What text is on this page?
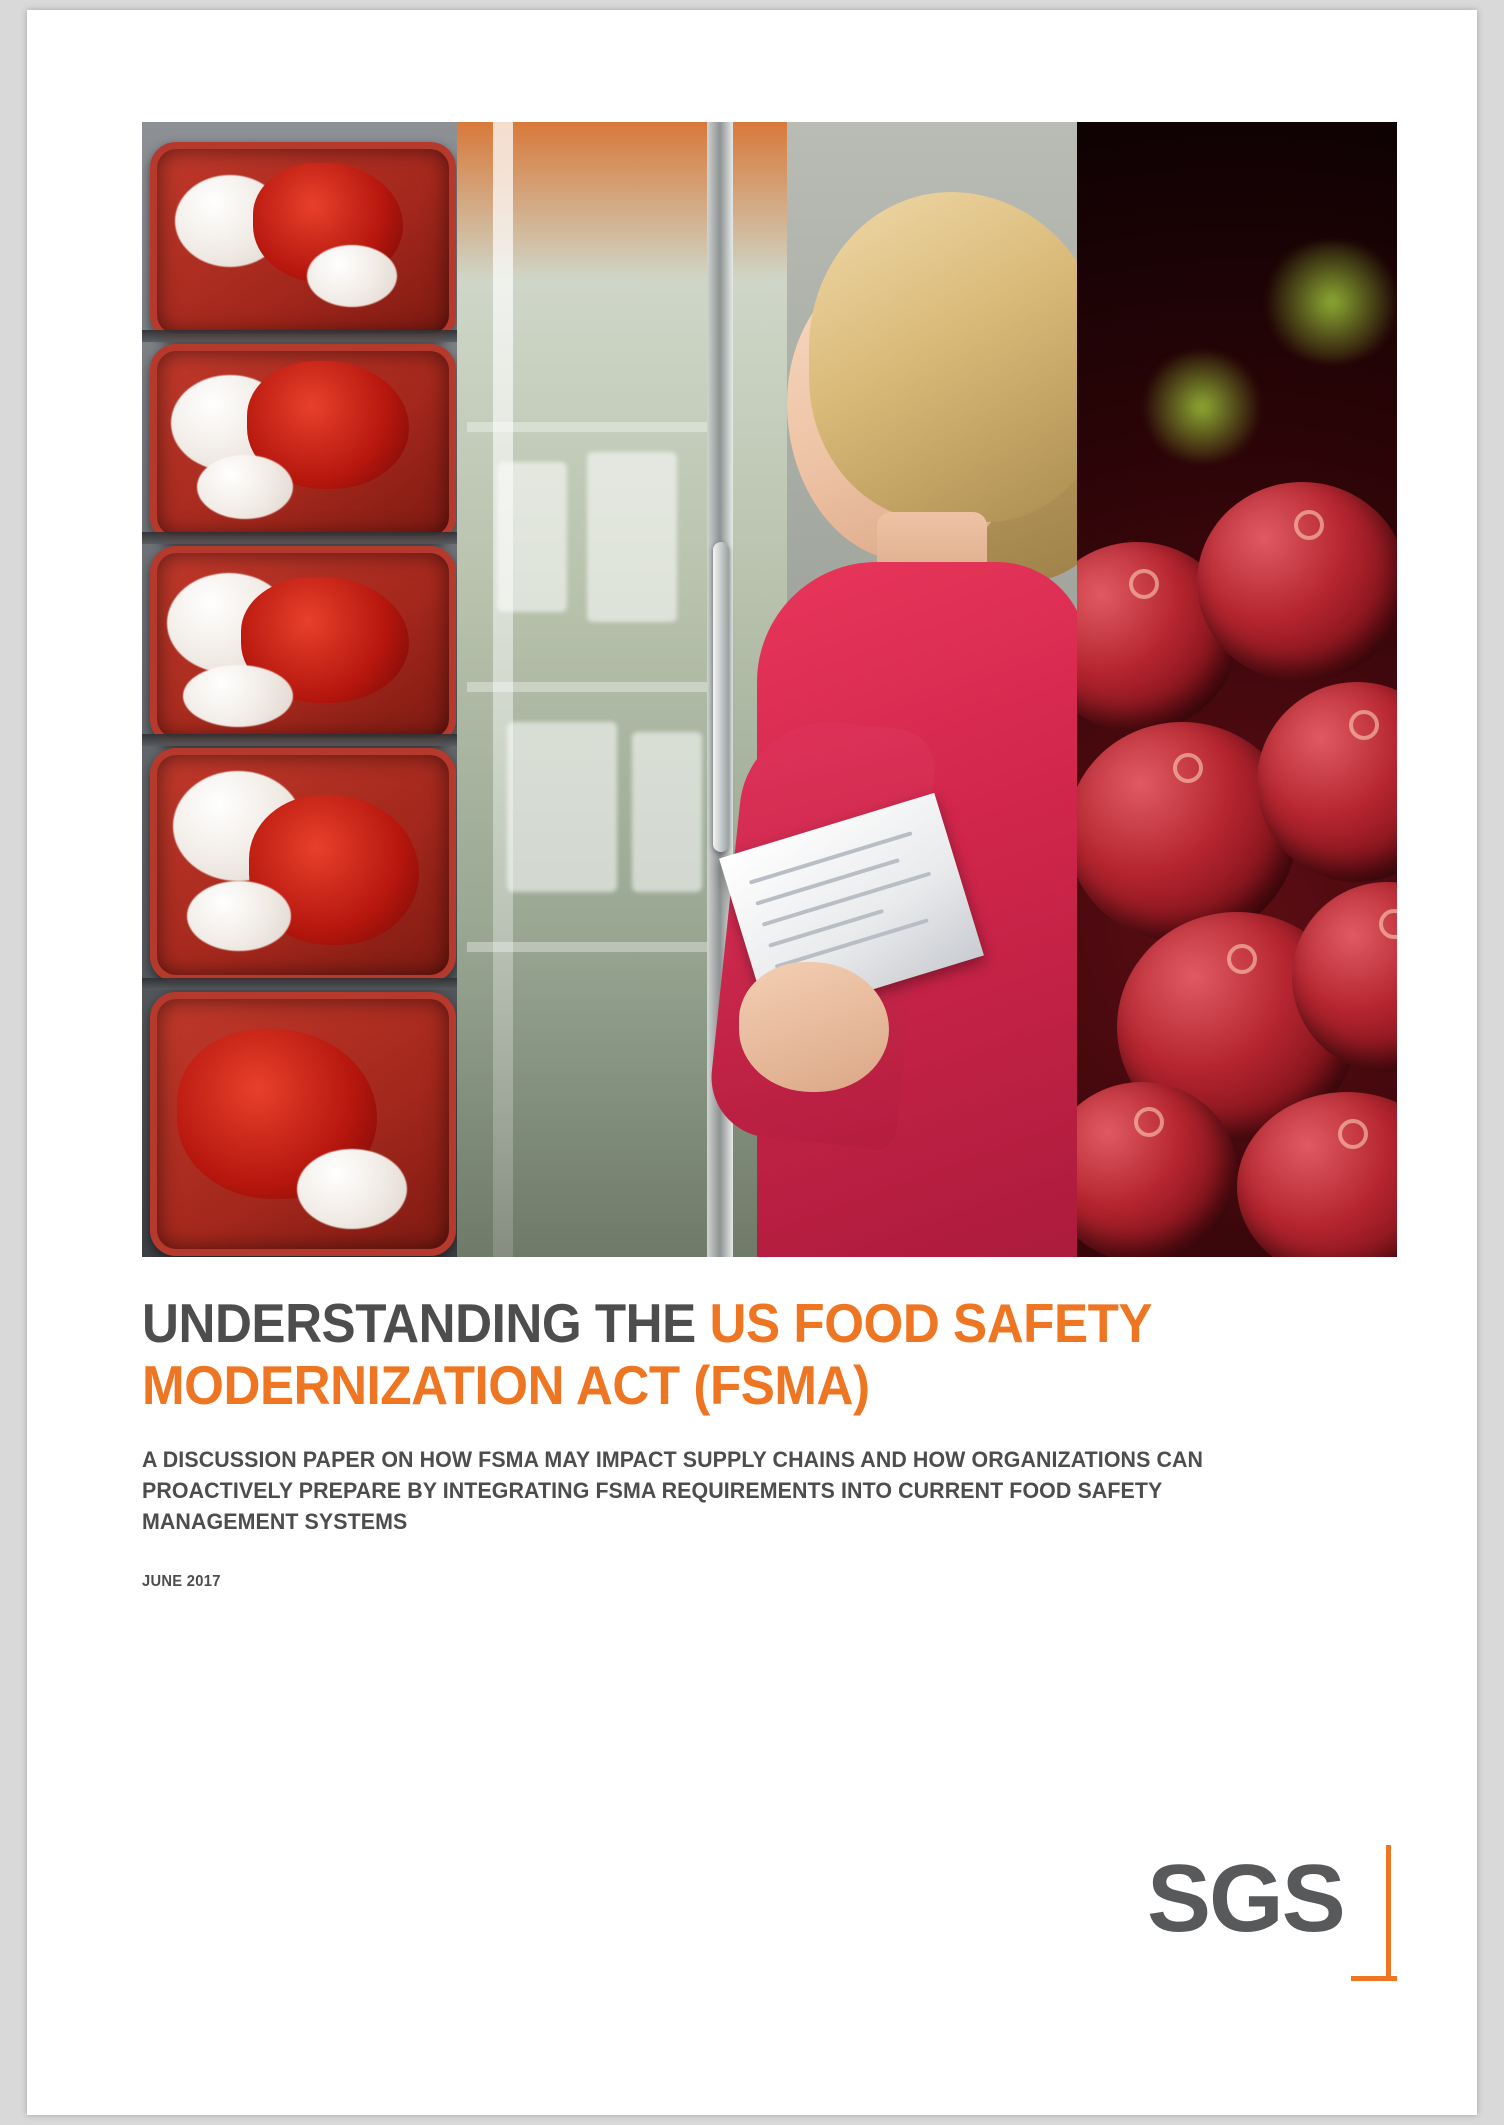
UNDERSTANDING THE US FOOD SAFETY MODERNIZATION ACT (FSMA)

A DISCUSSION PAPER ON HOW FSMA MAY IMPACT SUPPLY CHAINS AND HOW ORGANIZATIONS CAN PROACTIVELY PREPARE BY INTEGRATING FSMA REQUIREMENTS INTO CURRENT FOOD SAFETY MANAGEMENT SYSTEMS

JUNE 2017

SGS
